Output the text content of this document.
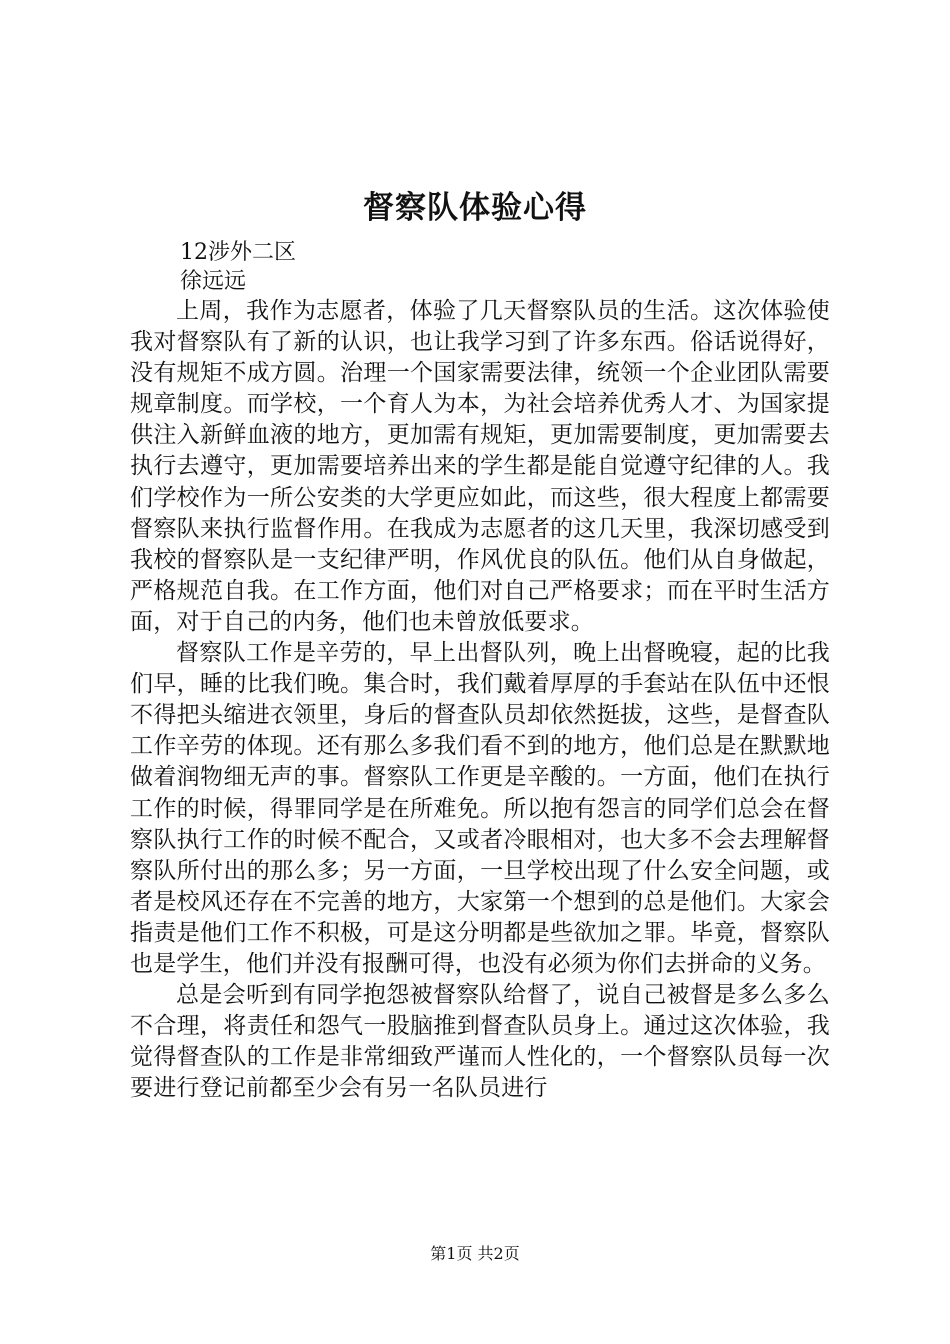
督察队体验心得

12涉外二区

徐远远

上周，我作为志愿者，体验了几天督察队员的生活。这次体验使我对督察队有了新的认识，也让我学习到了许多东西。俗话说得好，没有规矩不成方圆。治理一个国家需要法律，统领一个企业团队需要规章制度。而学校，一个育人为本，为社会培养优秀人才、为国家提供注入新鲜血液的地方，更加需有规矩，更加需要制度，更加需要去执行去遵守，更加需要培养出来的学生都是能自觉遵守纪律的人。我们学校作为一所公安类的大学更应如此，而这些，很大程度上都需要督察队来执行监督作用。在我成为志愿者的这几天里，我深切感受到我校的督察队是一支纪律严明，作风优良的队伍。他们从自身做起，严格规范自我。在工作方面，他们对自己严格要求；而在平时生活方面，对于自己的内务，他们也未曾放低要求。

督察队工作是辛劳的，早上出督队列，晚上出督晚寝，起的比我们早，睡的比我们晚。集合时，我们戴着厚厚的手套站在队伍中还恨不得把头缩进衣领里，身后的督查队员却依然挺拔，这些，是督查队工作辛劳的体现。还有那么多我们看不到的地方，他们总是在默默地做着润物细无声的事。督察队工作更是辛酸的。一方面，他们在执行工作的时候，得罪同学是在所难免。所以抱有怨言的同学们总会在督察队执行工作的时候不配合，又或者冷眼相对，也大多不会去理解督察队所付出的那么多；另一方面，一旦学校出现了什么安全问题，或者是校风还存在不完善的地方，大家第一个想到的总是他们。大家会指责是他们工作不积极，可是这分明都是些欲加之罪。毕竟，督察队也是学生，他们并没有报酬可得，也没有必须为你们去拼命的义务。

总是会听到有同学抱怨被督察队给督了，说自己被督是多么多么不合理，将责任和怨气一股脑推到督查队员身上。通过这次体验，我觉得督查队的工作是非常细致严谨而人性化的，一个督察队员每一次要进行登记前都至少会有另一名队员进行

第1页 共2页
